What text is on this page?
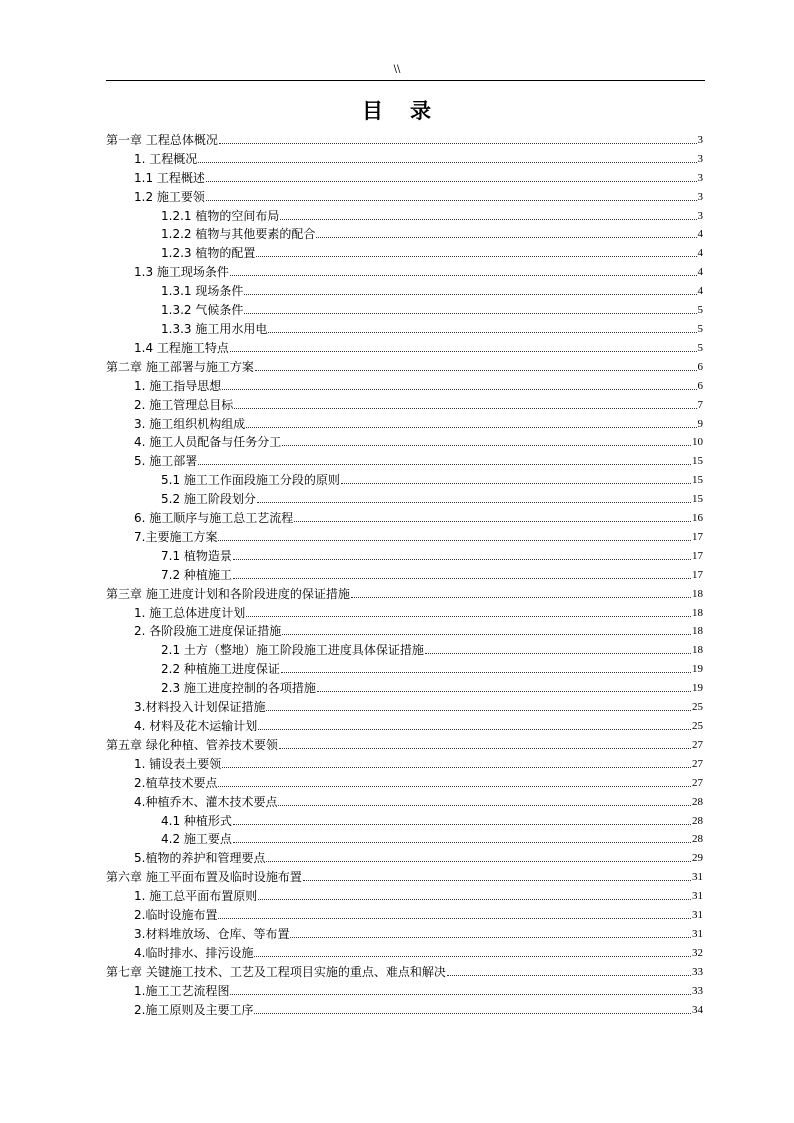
\\
目 录
第一章 工程总体概况	3
1. 工程概况	3
1.1 工程概述	3
1.2 施工要领	3
1.2.1 植物的空间布局	3
1.2.2 植物与其他要素的配合	4
1.2.3 植物的配置	4
1.3 施工现场条件	4
1.3.1 现场条件	4
1.3.2 气候条件	5
1.3.3 施工用水用电	5
1.4 工程施工特点	5
第二章 施工部署与施工方案	6
1. 施工指导思想	6
2. 施工管理总目标	7
3. 施工组织机构组成	9
4. 施工人员配备与任务分工	10
5. 施工部署	15
5.1 施工工作面段施工分段的原则	15
5.2 施工阶段划分	15
6. 施工顺序与施工总工艺流程	16
7.主要施工方案	17
7.1 植物造景	17
7.2 种植施工	17
第三章 施工进度计划和各阶段进度的保证措施	18
1. 施工总体进度计划	18
2. 各阶段施工进度保证措施	18
2.1 土方（整地）施工阶段施工进度具体保证措施	18
2.2 种植施工进度保证	19
2.3 施工进度控制的各项措施	19
3.材料投入计划保证措施	25
4. 材料及花木运输计划	25
第五章 绿化种植、管养技术要领	27
1. 铺设表土要领	27
2.植草技术要点	27
4.种植乔木、灌木技术要点	28
4.1 种植形式	28
4.2 施工要点	28
5.植物的养护和管理要点	29
第六章 施工平面布置及临时设施布置	31
1. 施工总平面布置原则	31
2.临时设施布置	31
3.材料堆放场、仓库、等布置	31
4.临时排水、排污设施	32
第七章 关键施工技术、工艺及工程项目实施的重点、难点和解决	33
1.施工工艺流程图	33
2.施工原则及主要工序	34
